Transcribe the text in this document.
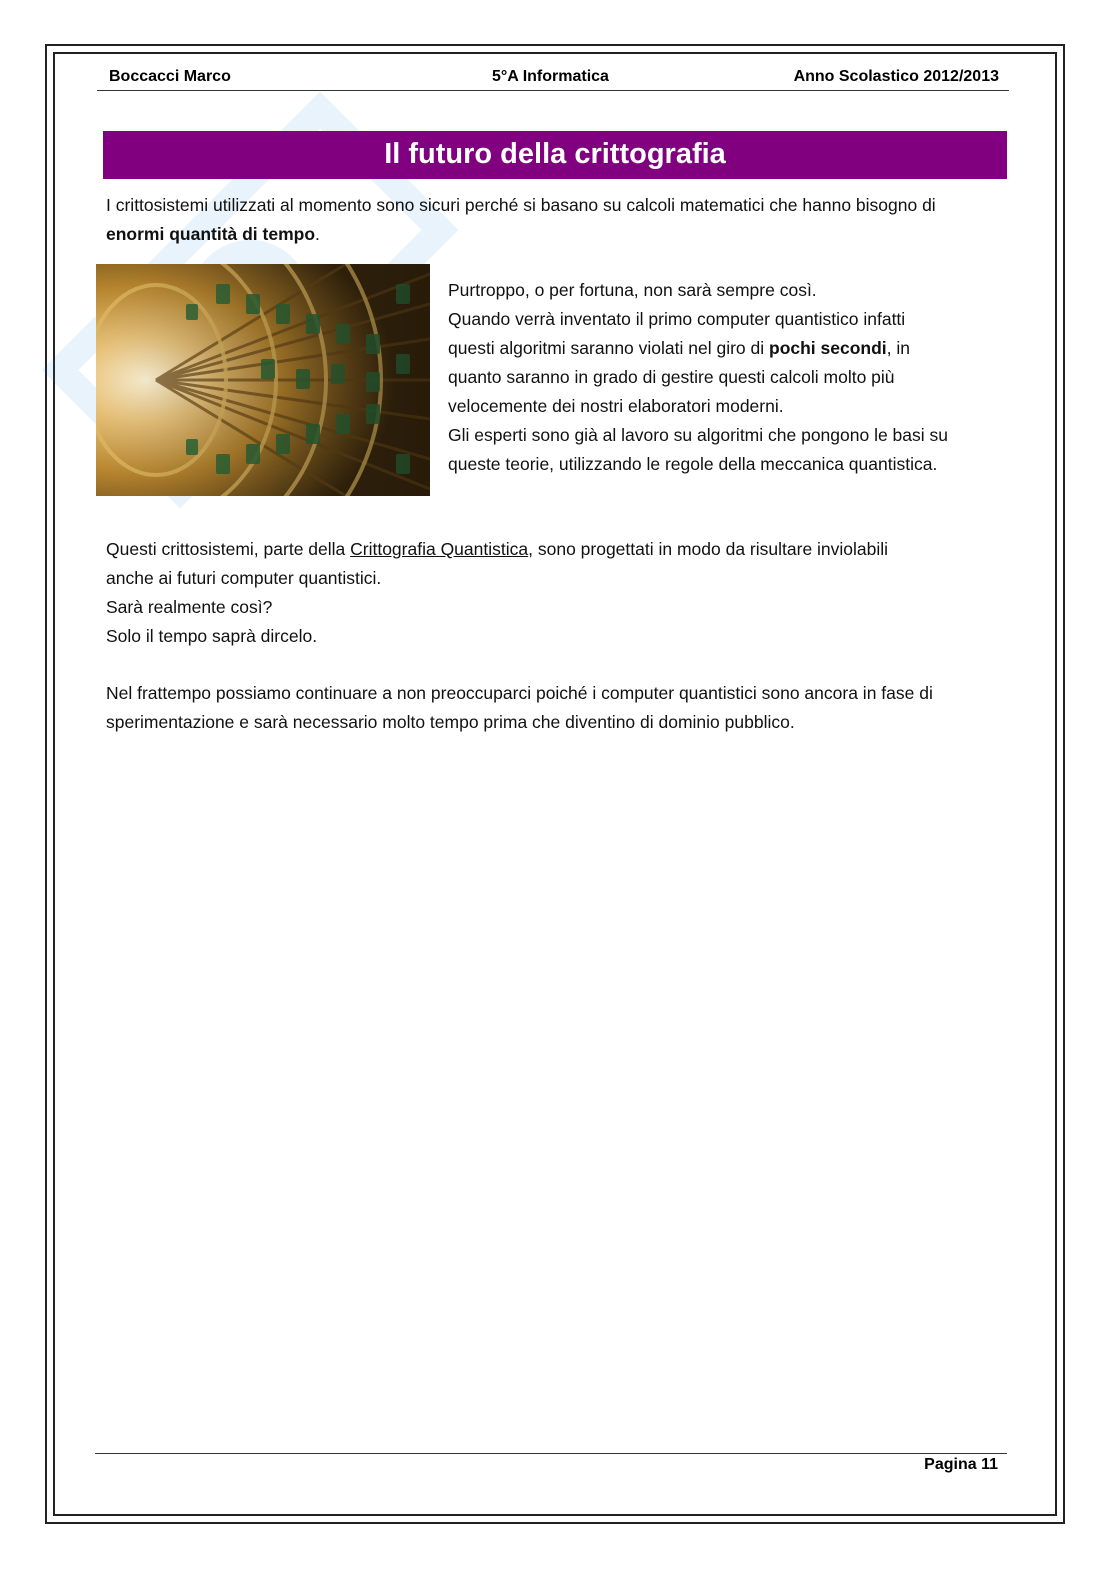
Boccacci Marco	5°A Informatica	Anno Scolastico 2012/2013
Il futuro della crittografia
I crittosistemi utilizzati al momento sono sicuri perché si basano su calcoli matematici che hanno bisogno di
enormi quantità di tempo.
Purtroppo, o per fortuna, non sarà sempre così.
Quando verrà inventato il primo computer quantistico infatti
questi algoritmi saranno violati nel giro di pochi secondi, in
quanto saranno in grado di gestire questi calcoli molto più
velocemente dei nostri elaboratori moderni.
Gli esperti sono già al lavoro su algoritmi che pongono le basi su
queste teorie, utilizzando le regole della meccanica quantistica.
Questi crittosistemi, parte della Crittografia Quantistica, sono progettati in modo da risultare inviolabili
anche ai futuri computer quantistici.
Sarà realmente così?
Solo il tempo saprà dircelo.
Nel frattempo possiamo continuare a non preoccuparci poiché i computer quantistici sono ancora in fase di
sperimentazione e sarà necessario molto tempo prima che diventino di dominio pubblico.
Pagina 11
